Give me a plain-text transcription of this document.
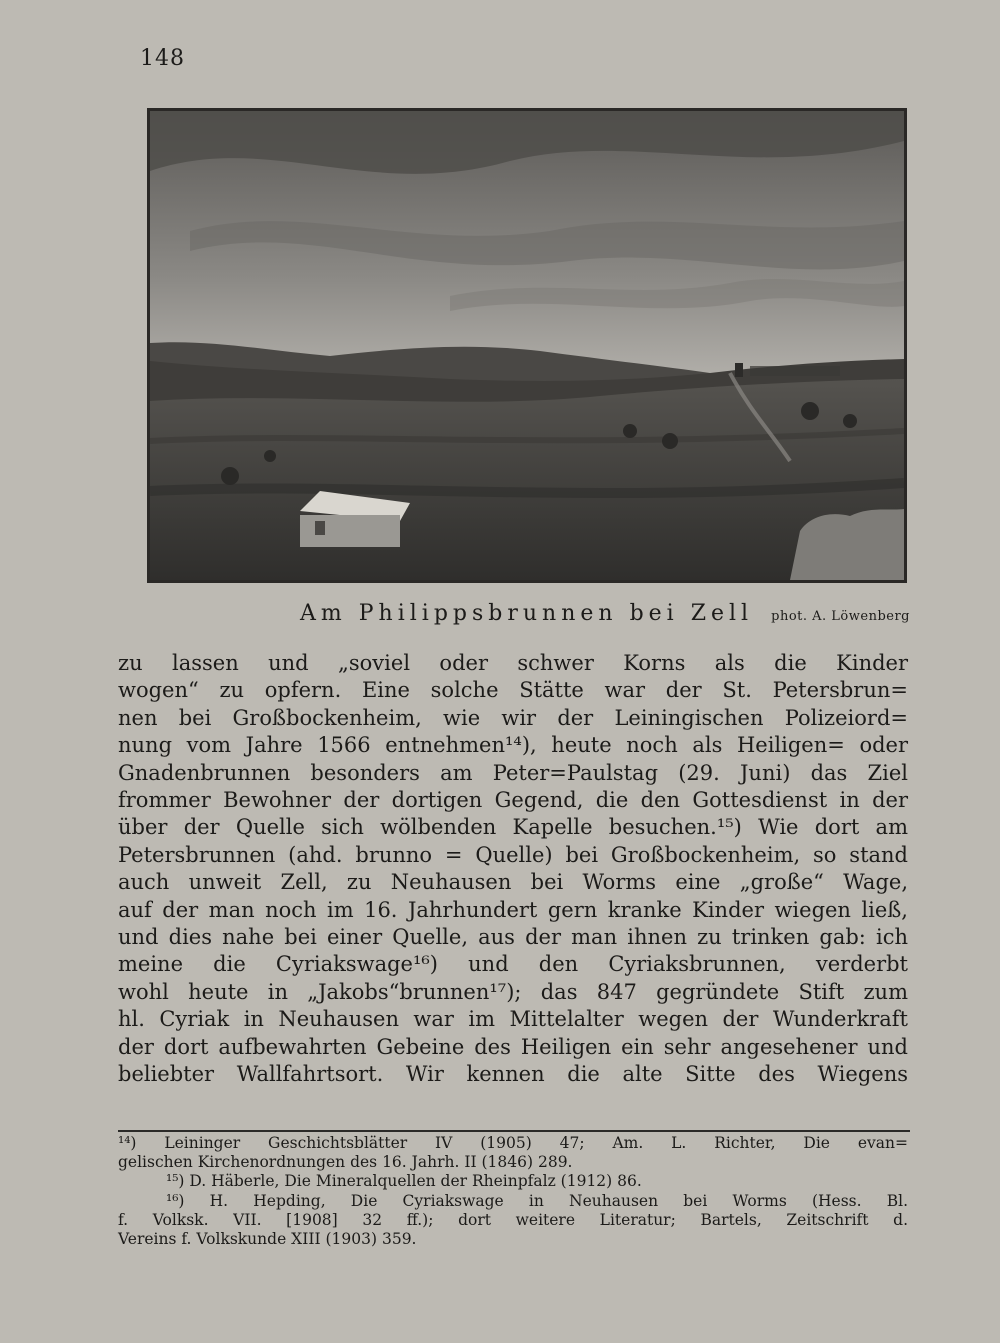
148
Am Philippsbrunnen bei Zell phot. A. Löwenberg
zu lassen und „soviel oder schwer Korns als die Kinder
wogen“ zu opfern. Eine solche Stätte war der St. Petersbrun=
nen bei Großbockenheim, wie wir der Leiningischen Polizeiord=
nung vom Jahre 1566 entnehmen¹⁴), heute noch als Heiligen= oder
Gnadenbrunnen besonders am Peter=Paulstag (29. Juni) das Ziel
frommer Bewohner der dortigen Gegend, die den Gottesdienst in der
über der Quelle sich wölbenden Kapelle besuchen.¹⁵) Wie dort am
Petersbrunnen (ahd. brunno = Quelle) bei Großbockenheim, so stand
auch unweit Zell, zu Neuhausen bei Worms eine „große“ Wage,
auf der man noch im 16. Jahrhundert gern kranke Kinder wiegen ließ,
und dies nahe bei einer Quelle, aus der man ihnen zu trinken gab: ich
meine die Cyriakswage¹⁶) und den Cyriaksbrunnen, verderbt
wohl heute in „Jakobs“brunnen¹⁷); das 847 gegründete Stift zum
hl. Cyriak in Neuhausen war im Mittelalter wegen der Wunderkraft
der dort aufbewahrten Gebeine des Heiligen ein sehr angesehener und
beliebter Wallfahrtsort. Wir kennen die alte Sitte des Wiegens
¹⁴) Leininger Geschichtsblätter IV (1905) 47; Am. L. Richter, Die evan=
gelischen Kirchenordnungen des 16. Jahrh. II (1846) 289.
¹⁵) D. Häberle, Die Mineralquellen der Rheinpfalz (1912) 86.
¹⁶) H. Hepding, Die Cyriakswage in Neuhausen bei Worms (Hess. Bl.
f. Volksk. VII. [1908] 32 ff.); dort weitere Literatur; Bartels, Zeitschrift d.
Vereins f. Volkskunde XIII (1903) 359.
